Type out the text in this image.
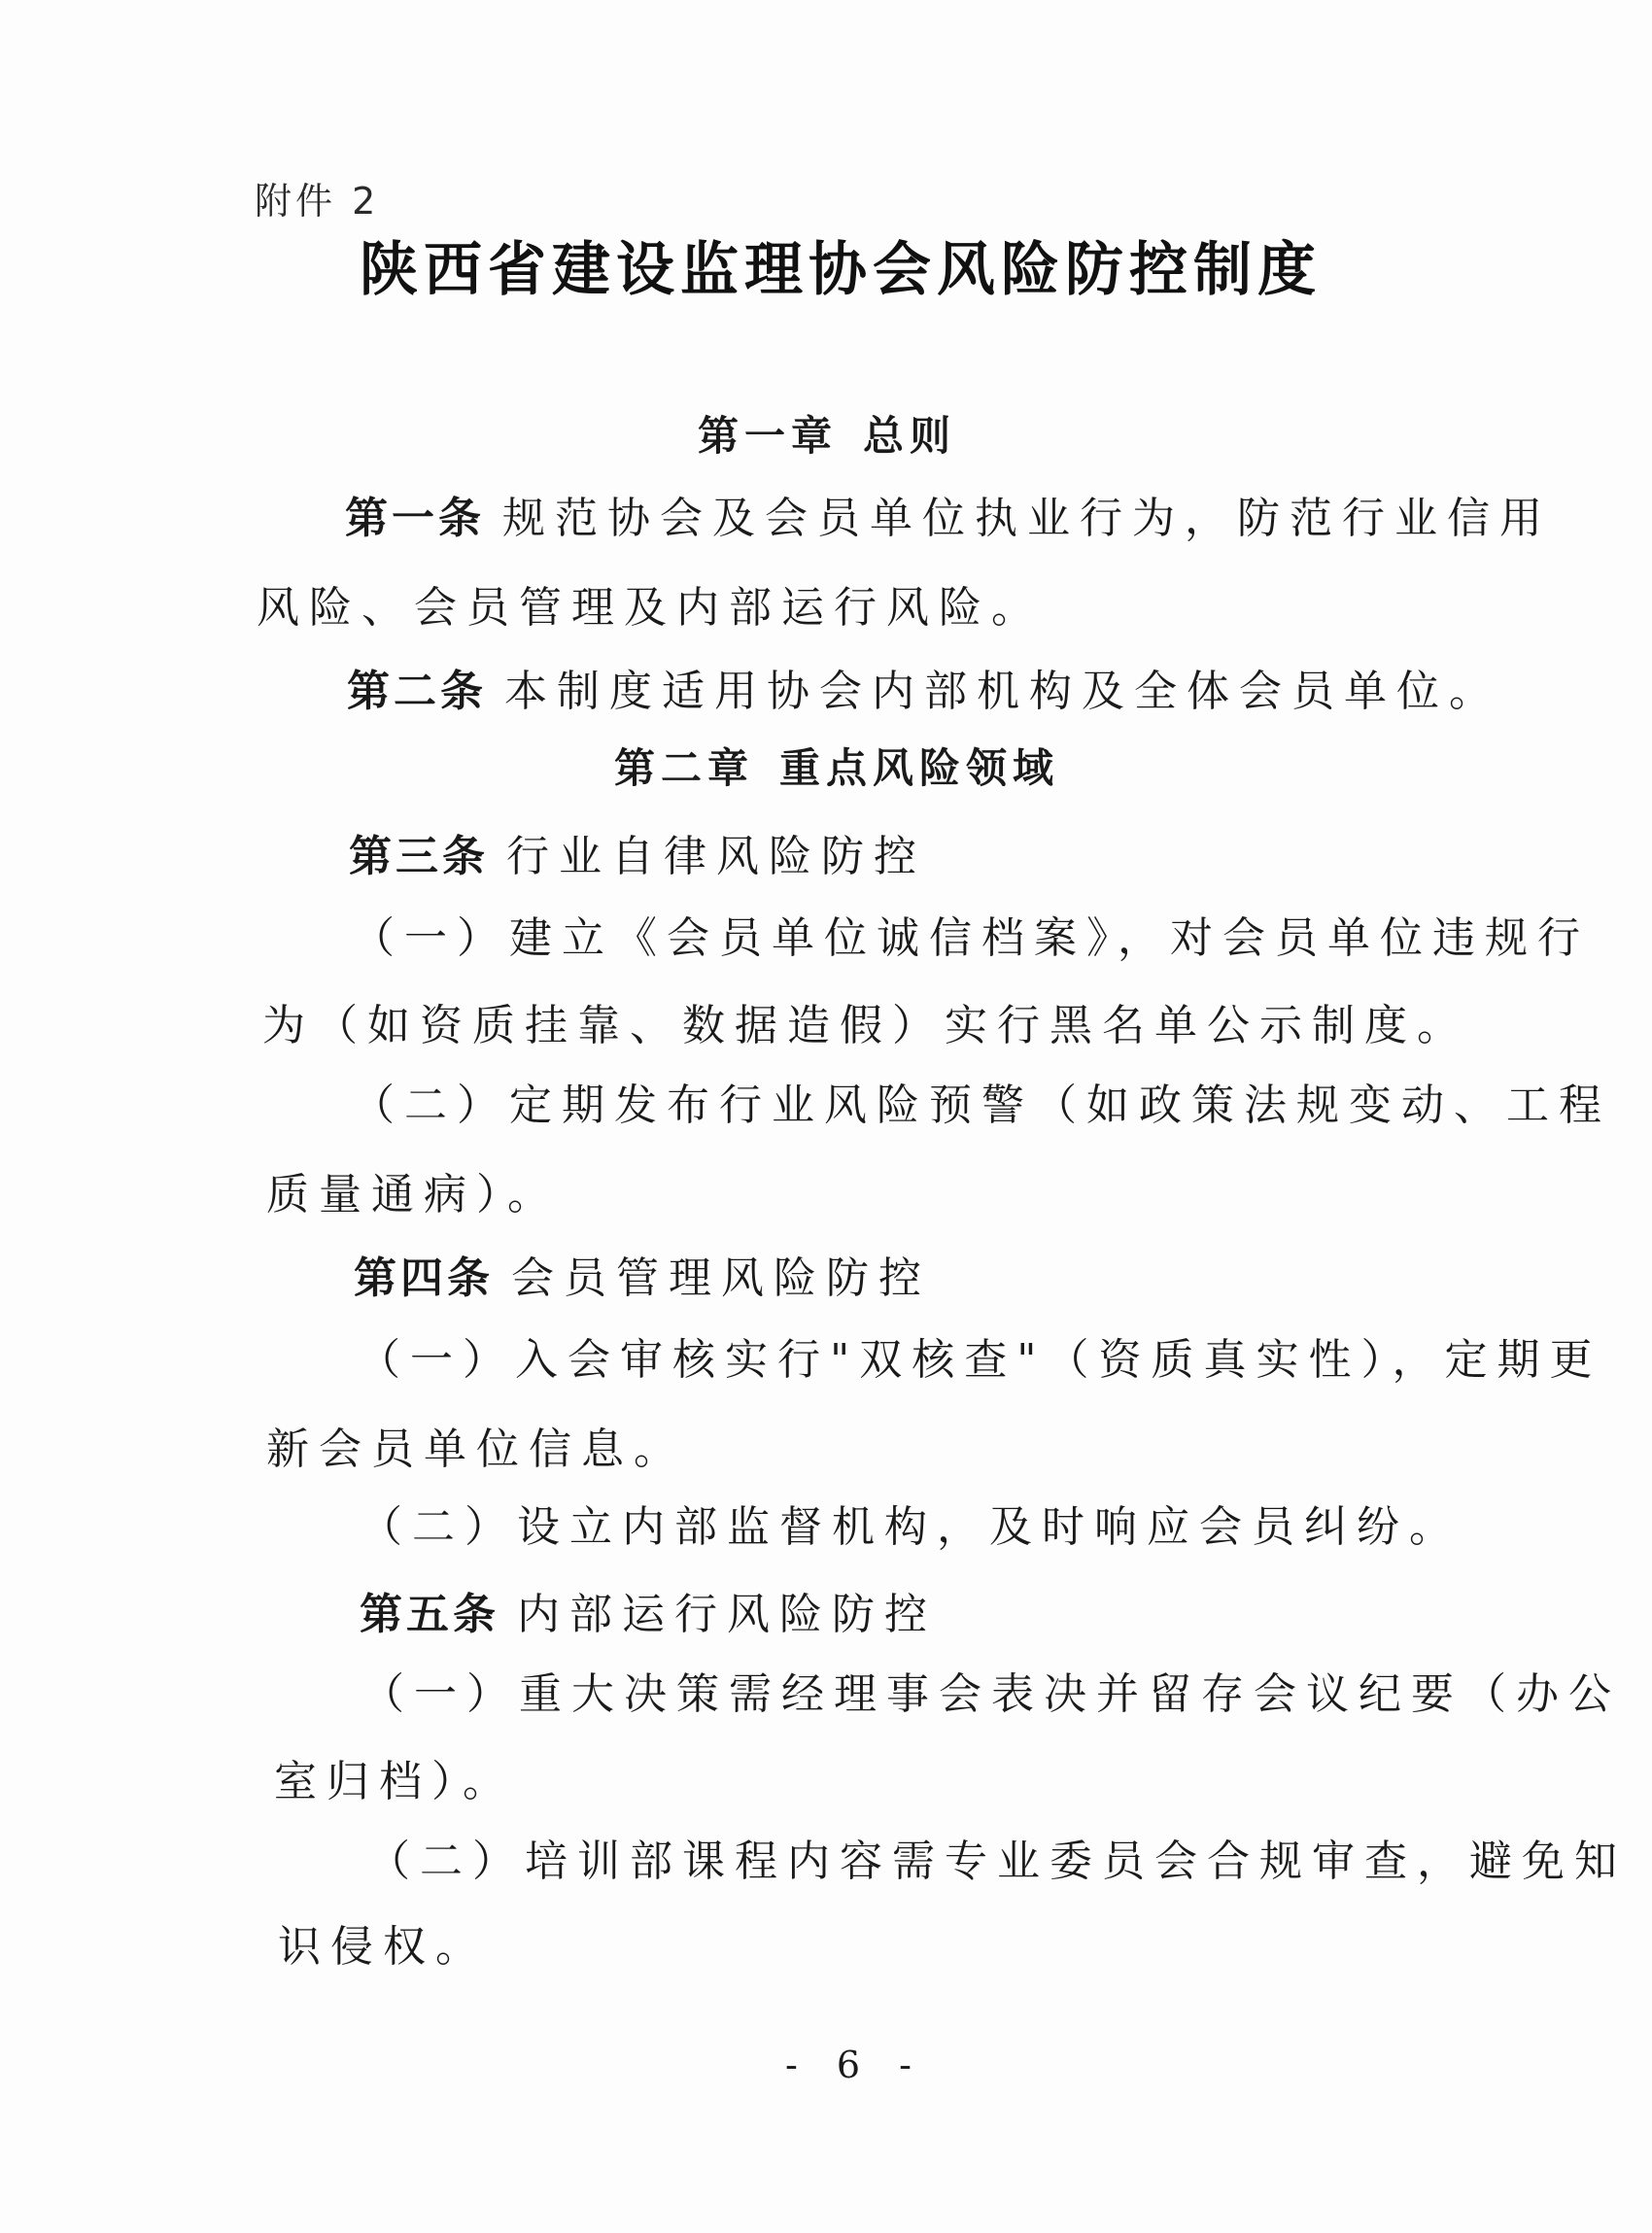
附件 2
陕西省建设监理协会风险防控制度
第一章 总则
第一条 规范协会及会员单位执业行为，防范行业信用
风险、会员管理及内部运行风险。
第二条 本制度适用协会内部机构及全体会员单位。
第二章 重点风险领域
第三条 行业自律风险防控
（一）建立《会员单位诚信档案》，对会员单位违规行
为（如资质挂靠、数据造假）实行黑名单公示制度。
（二）定期发布行业风险预警（如政策法规变动、工程
质量通病）。
第四条 会员管理风险防控
（一）入会审核实行"双核查"（资质真实性），定期更
新会员单位信息。
（二）设立内部监督机构，及时响应会员纠纷。
第五条 内部运行风险防控
（一）重大决策需经理事会表决并留存会议纪要（办公
室归档）。
（二）培训部课程内容需专业委员会合规审查，避免知
识侵权。
- 6 -
